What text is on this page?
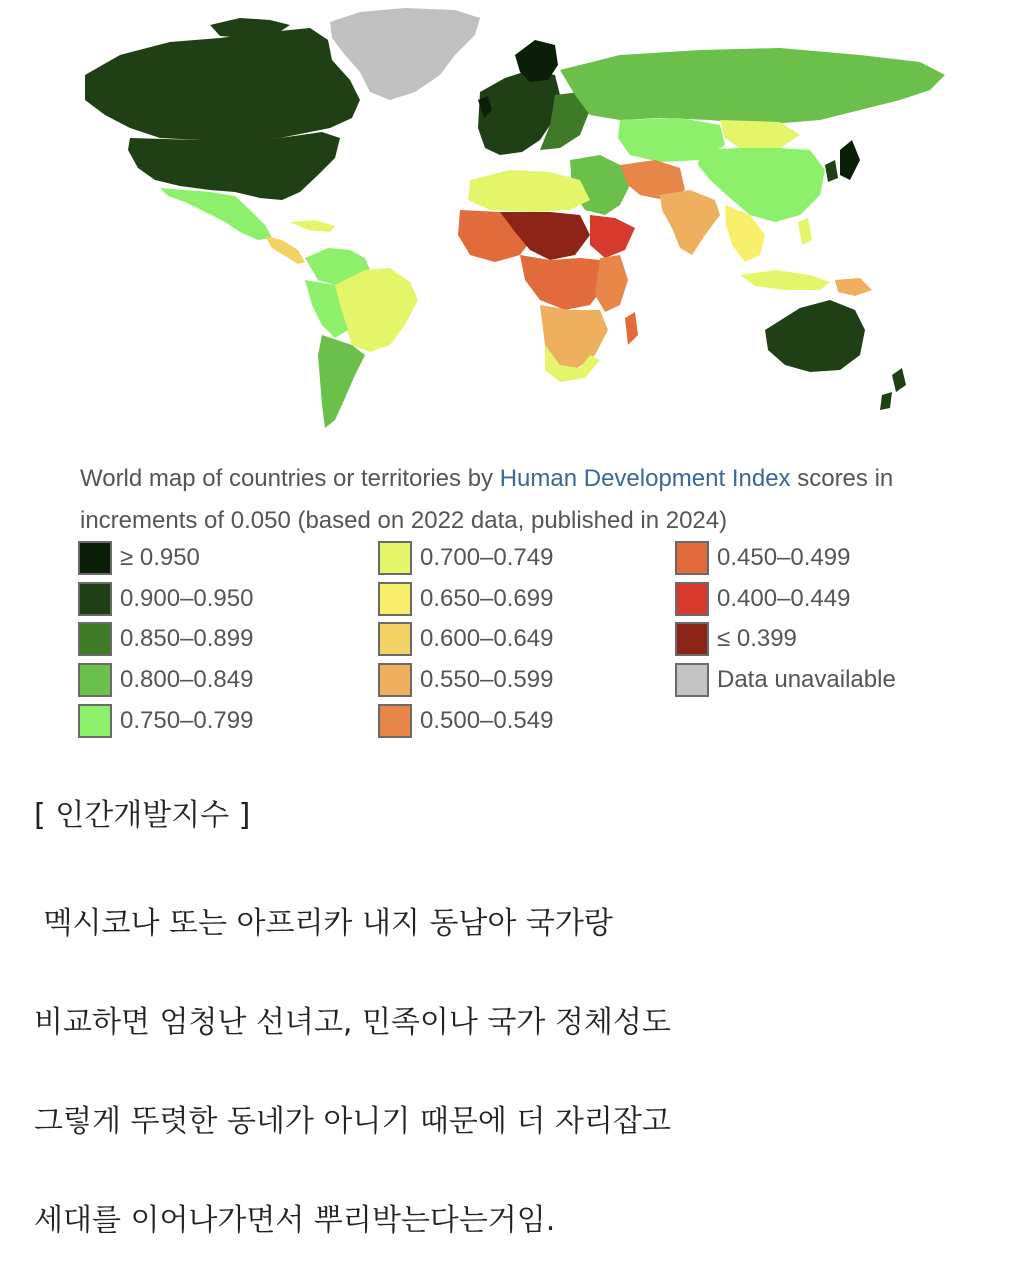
World map of countries or territories by Human Development Index scores in increments of 0.050 (based on 2022 data, published in 2024)
≥ 0.950
0.900–0.950
0.850–0.899
0.800–0.849
0.750–0.799
0.700–0.749
0.650–0.699
0.600–0.649
0.550–0.599
0.500–0.549
0.450–0.499
0.400–0.449
≤ 0.399
Data unavailable

[ 인간개발지수 ]

멕시코나 또는 아프리카 내지 동남아 국가랑

비교하면 엄청난 선녀고, 민족이나 국가 정체성도

그렇게 뚜렷한 동네가 아니기 때문에 더 자리잡고

세대를 이어나가면서 뿌리박는다는거임.
